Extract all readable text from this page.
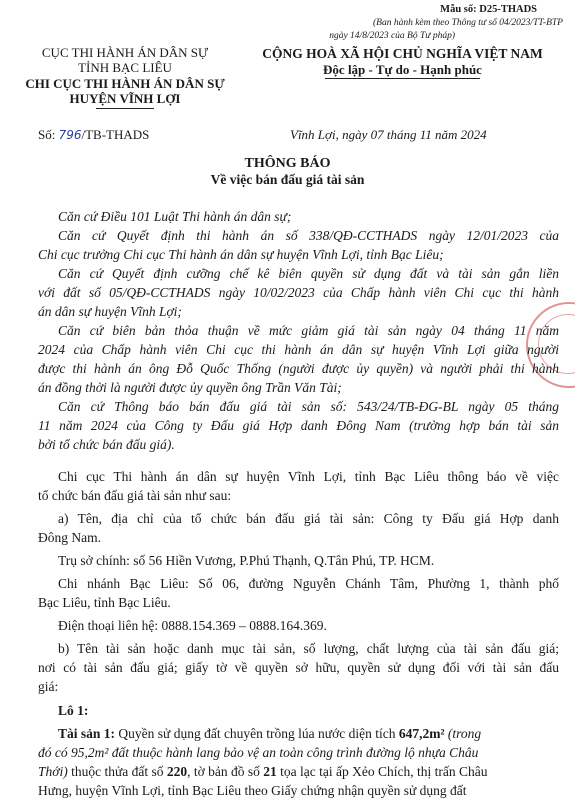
Mẫu số: D25-THADS
(Ban hành kèm theo Thông tư số 04/2023/TT-BTP
ngày 14/8/2023 của Bộ Tư pháp)
CỤC THI HÀNH ÁN DÂN SỰ
TỈNH BẠC LIÊU
CHI CỤC THI HÀNH ÁN DÂN SỰ
HUYỆN VĨNH LỢI
Số: 796/TB-THADS
CỘNG HOÀ XÃ HỘI CHỦ NGHĨA VIỆT NAM
Độc lập - Tự do - Hạnh phúc
Vĩnh Lợi, ngày 07 tháng 11 năm 2024
THÔNG BÁO
Về việc bán đấu giá tài sản
Căn cứ Điều 101 Luật Thi hành án dân sự;
Căn cứ Quyết định thi hành án số 338/QĐ-CCTHADS ngày 12/01/2023 của
Chi cục trưởng Chi cục Thi hành án dân sự huyện Vĩnh Lợi, tỉnh Bạc Liêu;
Căn cứ Quyết định cưỡng chế kê biên quyền sử dụng đất và tài sản gắn liền
với đất số 05/QĐ-CCTHADS ngày 10/02/2023 của Chấp hành viên Chi cục thi hành
án dân sự huyện Vĩnh Lợi;
Căn cứ biên bản thỏa thuận về mức giảm giá tài sản ngày 04 tháng 11 năm
2024 của Chấp hành viên Chi cục thi hành án dân sự huyện Vĩnh Lợi giữa người
được thi hành án ông Đỗ Quốc Thống (người được ủy quyền) và người phải thi hành
án đồng thời là người được ủy quyền ông Trần Văn Tài;
Căn cứ Thông báo bán đấu giá tài sản số: 543/24/TB-ĐG-BL ngày 05 tháng
11 năm 2024 của Công ty Đấu giá Hợp danh Đông Nam (trường hợp bán tài sản
bởi tổ chức bán đấu giá).
Chi cục Thi hành án dân sự huyện Vĩnh Lợi, tỉnh Bạc Liêu thông báo về việc
tổ chức bán đấu giá tài sản như sau:
a) Tên, địa chỉ của tổ chức bán đấu giá tài sản: Công ty Đấu giá Hợp danh
Đông Nam.
Trụ sở chính: số 56 Hiền Vương, P.Phú Thạnh, Q.Tân Phú, TP. HCM.
Chi nhánh Bạc Liêu: Số 06, đường Nguyễn Chánh Tâm, Phường 1, thành phố
Bạc Liêu, tỉnh Bạc Liêu.
Điện thoại liên hệ: 0888.154.369 – 0888.164.369.
b) Tên tài sản hoặc danh mục tài sản, số lượng, chất lượng của tài sản đấu giá;
nơi có tài sản đấu giá; giấy tờ về quyền sở hữu, quyền sử dụng đối với tài sản đấu
giá:
Lô 1:
Tài sản 1: Quyền sử dụng đất chuyên trồng lúa nước diện tích 647,2m² (trong
đó có 95,2m² đất thuộc hành lang bảo vệ an toàn công trình đường lộ nhựa Châu
Thới) thuộc thửa đất số 220, tờ bản đồ số 21 tọa lạc tại ấp Xẻo Chích, thị trấn Châu
Hưng, huyện Vĩnh Lợi, tỉnh Bạc Liêu theo Giấy chứng nhận quyền sử dụng đất
